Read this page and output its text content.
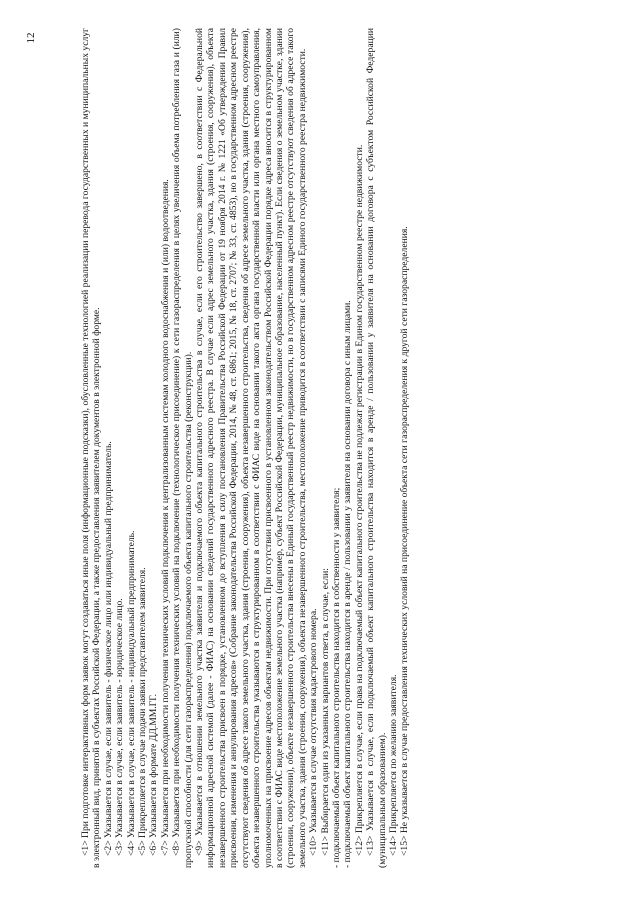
12	<1> При подготовке интерактивных форм заявок могут создаваться иные поля (информационные подсказки), обусловленные технологией реализации перевода государственных и муниципальных услуг в электронный вид, принятой в субъектах Российской Федерации, а также предоставления заявителем документов в электронной форме. <2> Указывается в случае, если заявитель - физическое лицо или индивидуальный предприниматель. <3> Указывается в случае, если заявитель - юридическое лицо. <4> Указывается в случае, если заявитель - индивидуальный предприниматель. <5> Прикрепляется в случае подачи заявки представителем заявителя. <6> Указывается в формате ДД.ММ.ГГ. <7> Указывается при необходимости получения технических условий подключения к централизованным системам холодного водоснабжения и (или) водоотведения. <8> Указывается при необходимости получения технических условий на подключение (технологическое присоединение) к сети газораспределения в целях увеличения объема потребления газа и (или) пропускной способности (для сети газораспределения) подключаемого объекта капитального строительства (реконструкции). <9> Указывается в отношении земельного участка заявителя и подключаемого объекта капитального строительства в случае, если его строительство завершено, в соответствии с Федеральной информационной адресной системой (далее - ФИАС) на основании сведений государственного адресного реестра. В случае если адрес земельного участка, здания (строения, сооружения), объекта незавершенного строительства присвоен в порядке, установленном до вступления в силу постановления Правительства Российской Федерации от 19 ноября 2014 г. № 1221 «Об утверждении Правил присвоения, изменения и аннулирования адресов» (Собрание законодательства Российской Федерации, 2014, № 48, ст. 6861; 2015, № 18, ст. 2707; № 33, ст. 4853), но в государственном адресном реестре отсутствуют сведения об адресе такого земельного участка, здания (строения, сооружения), объекта незавершенного строительства, сведения об адресе земельного участка, здания (строения, сооружения), объекта незавершенного строительства указываются в структурированном в соответствии с ФИАС виде на основании такого акта органа государственной власти или органа местного самоуправления, уполномоченных на присвоение адресов объектам недвижимости. При отсутствии присвоенного в установленном законодательством Российской Федерации порядке адреса вносится в структурированном в соответствии с ФИАС виде местоположение земельного участка (например, субъект Российской Федерации, муниципальное образование, населенный пункт). Если сведения о земельном участке, здании (строении, сооружении), объекте незавершенного строительства внесены в Единый государственный реестр недвижимости, но в государственном адресном реестре отсутствуют сведения об адресе такого земельного участка, здания (строения, сооружения), объекта незавершенного строительства, местоположение приводится в соответствии с записями Единого государственного реестра недвижимости. <10> Указывается в случае отсутствия кадастрового номера. <11> Выбирается один из указанных вариантов ответа, в случае, если: - подключаемый объект капитального строительства находится в собственности у заявителя; - подключаемый объект капитального строительства находится в аренде / пользовании у заявителя на основании договора с иным лицами. <12> Прикрепляется в случае, если права на подключаемый объект капитального строительства не подлежат регистрации в Едином государственном реестре недвижимости. <13> Указывается в случае, если подключаемый объект капитального строительства находится в аренде / пользовании у заявителя на основании договора с субъектом Российской Федерации (муниципальным образованием). <14> Прикрепляется по желанию заявителя. <15> Не указывается в случае предоставления технических условий на присоединение объекта сети газораспределения к другой сети газораспределения.
